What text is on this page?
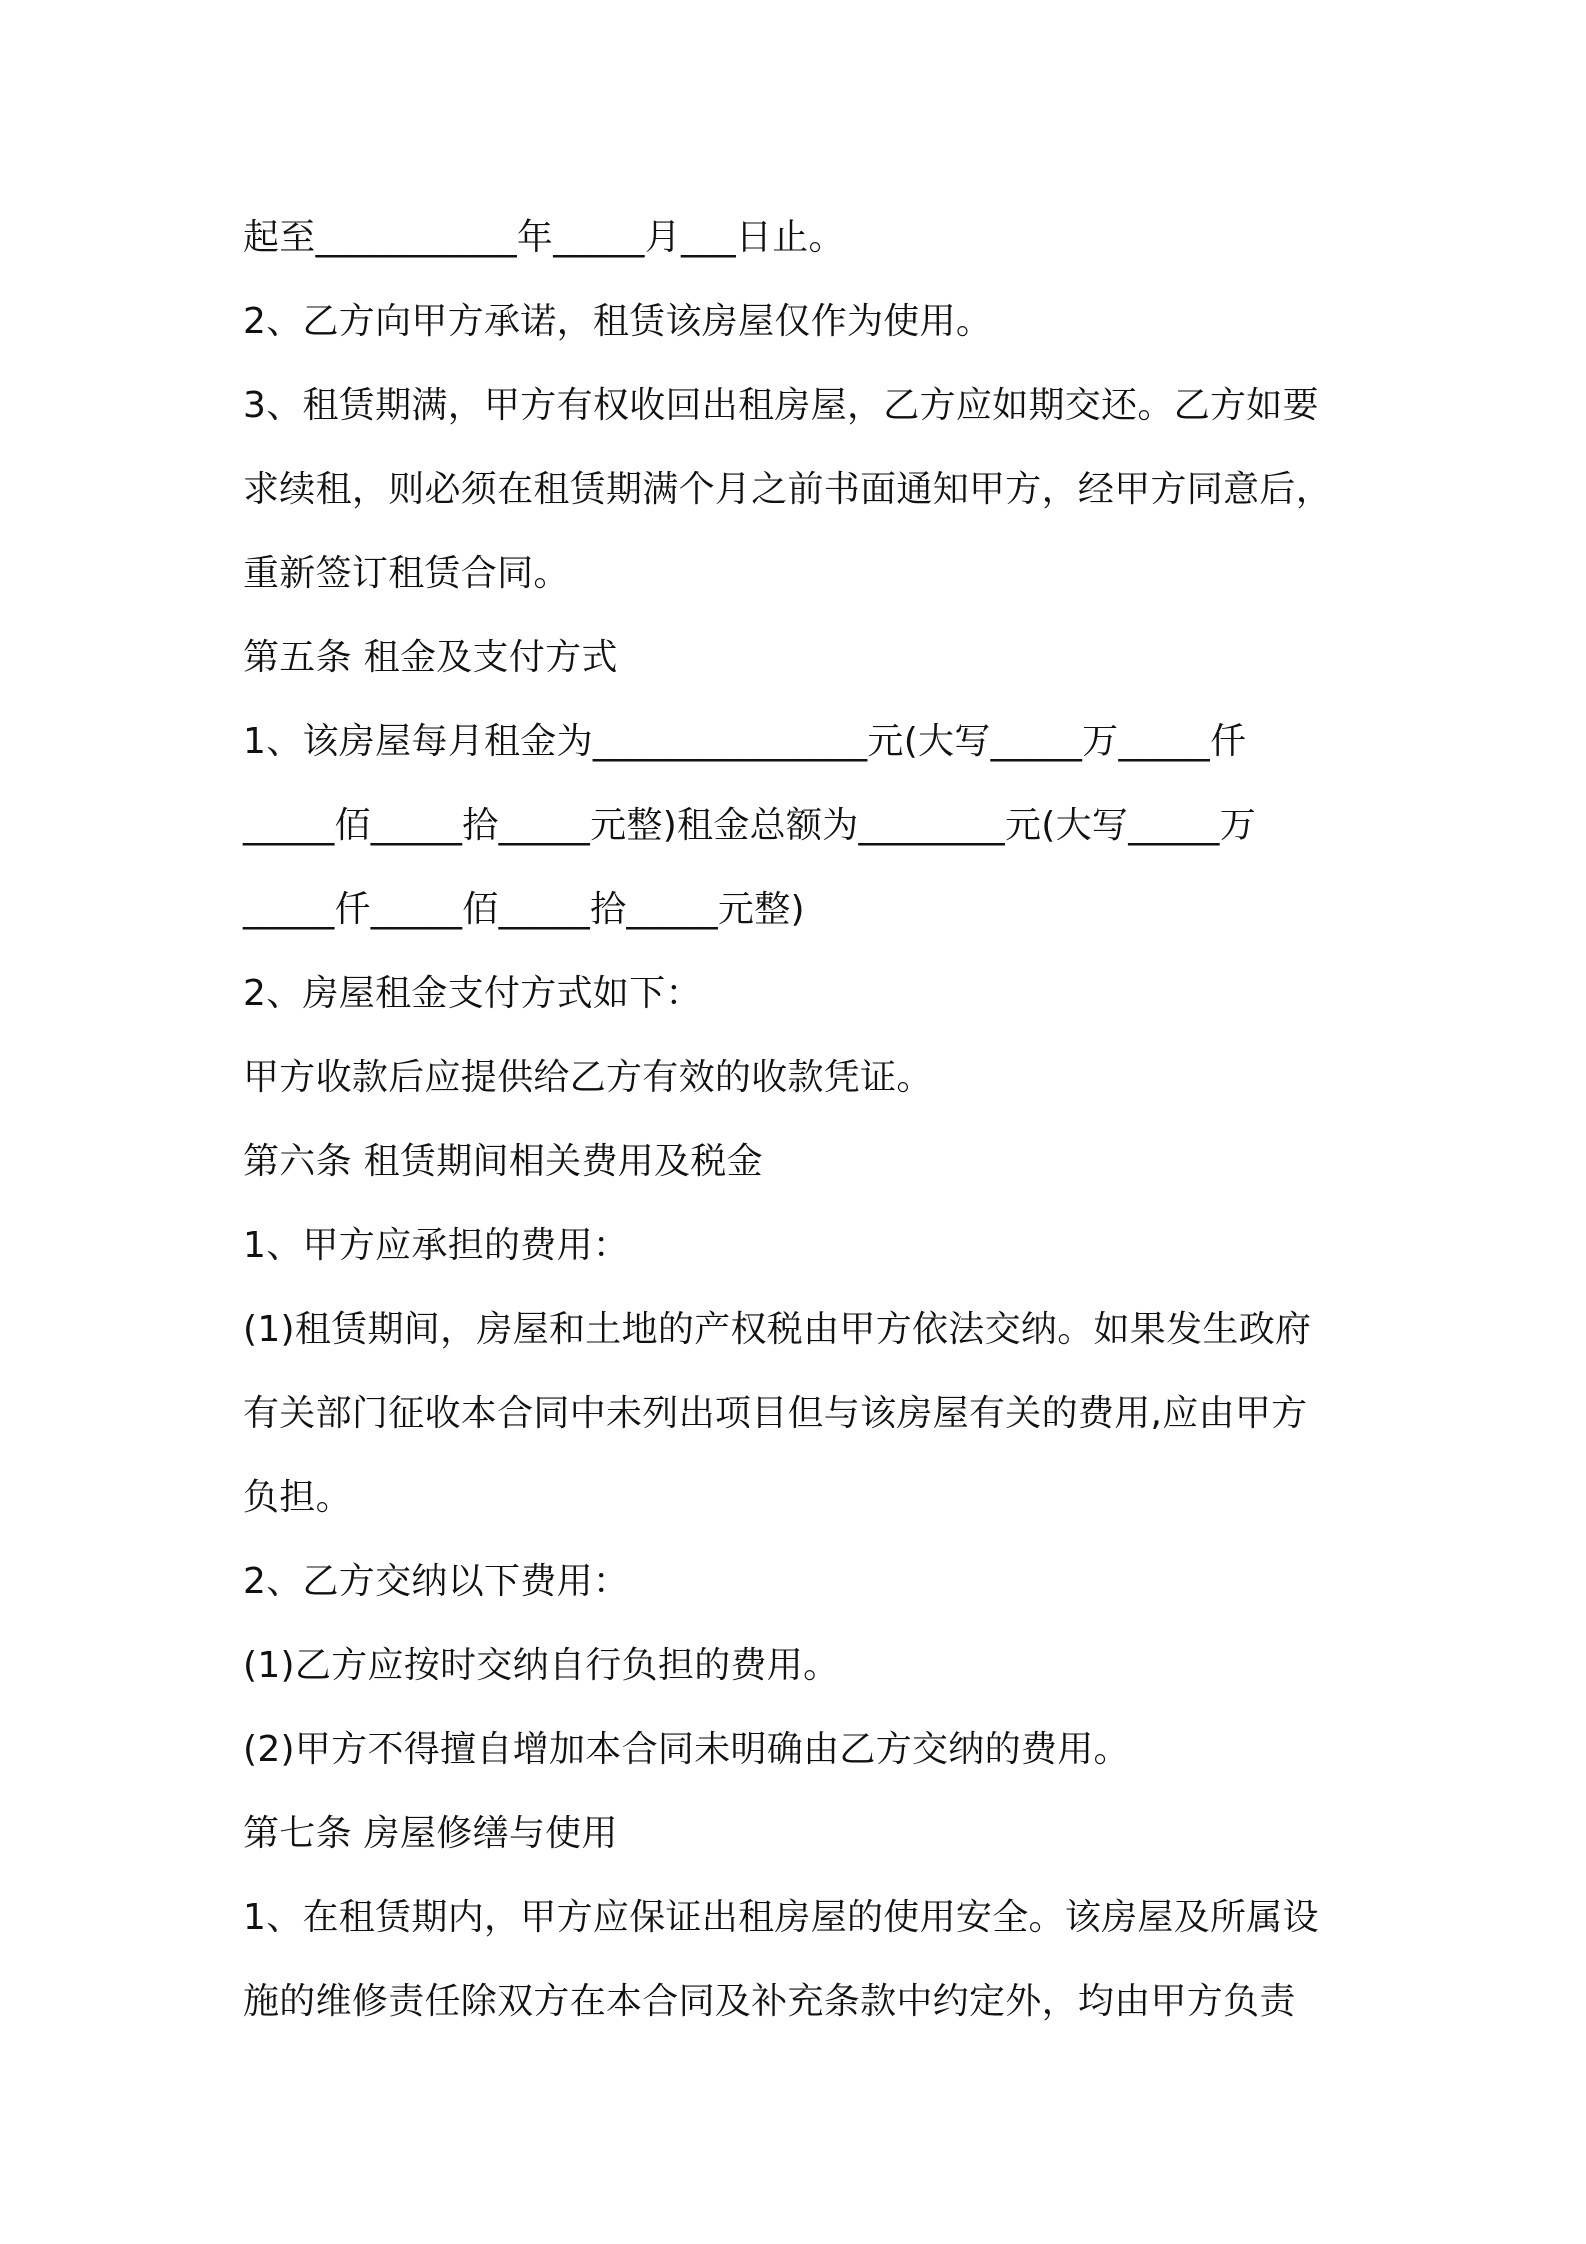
起至___________年_____月___日止。
2、乙方向甲方承诺，租赁该房屋仅作为使用。
3、租赁期满，甲方有权收回出租房屋，乙方应如期交还。乙方如要
求续租，则必须在租赁期满个月之前书面通知甲方，经甲方同意后，
重新签订租赁合同。
第五条 租金及支付方式
1、该房屋每月租金为_______________元(大写_____万_____仟
_____佰_____拾_____元整)租金总额为________元(大写_____万
_____仟_____佰_____拾_____元整)
2、房屋租金支付方式如下：
甲方收款后应提供给乙方有效的收款凭证。
第六条 租赁期间相关费用及税金
1、甲方应承担的费用：
(1)租赁期间，房屋和土地的产权税由甲方依法交纳。如果发生政府
有关部门征收本合同中未列出项目但与该房屋有关的费用,应由甲方
负担。
2、乙方交纳以下费用：
(1)乙方应按时交纳自行负担的费用。
(2)甲方不得擅自增加本合同未明确由乙方交纳的费用。
第七条 房屋修缮与使用
1、在租赁期内，甲方应保证出租房屋的使用安全。该房屋及所属设
施的维修责任除双方在本合同及补充条款中约定外，均由甲方负责
